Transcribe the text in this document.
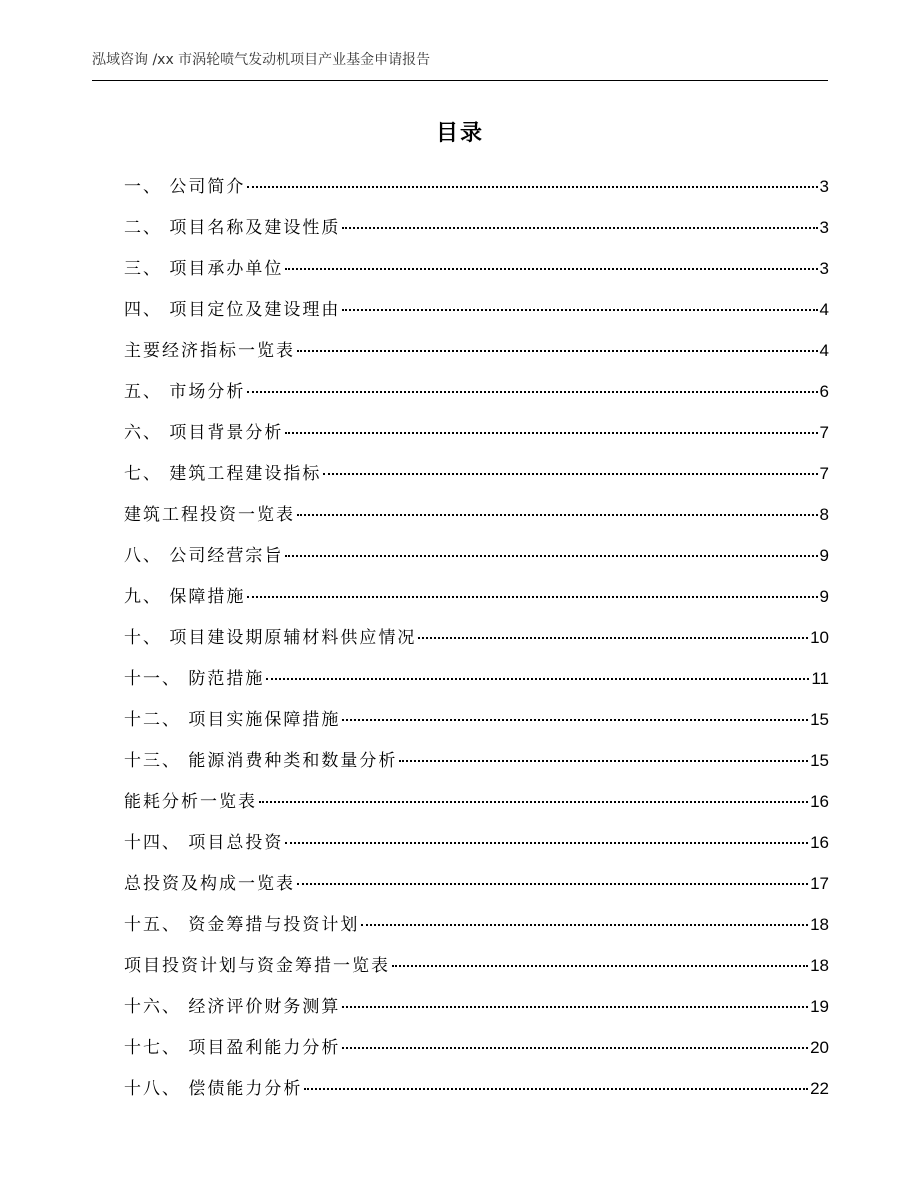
泓域咨询 /xx 市涡轮喷气发动机项目产业基金申请报告
目录
一、 公司简介	3
二、 项目名称及建设性质	3
三、 项目承办单位	3
四、 项目定位及建设理由	4
主要经济指标一览表	4
五、 市场分析	6
六、 项目背景分析	7
七、 建筑工程建设指标	7
建筑工程投资一览表	8
八、 公司经营宗旨	9
九、 保障措施	9
十、 项目建设期原辅材料供应情况	10
十一、 防范措施	11
十二、 项目实施保障措施	15
十三、 能源消费种类和数量分析	15
能耗分析一览表	16
十四、 项目总投资	16
总投资及构成一览表	17
十五、 资金筹措与投资计划	18
项目投资计划与资金筹措一览表	18
十六、 经济评价财务测算	19
十七、 项目盈利能力分析	20
十八、 偿债能力分析	22
